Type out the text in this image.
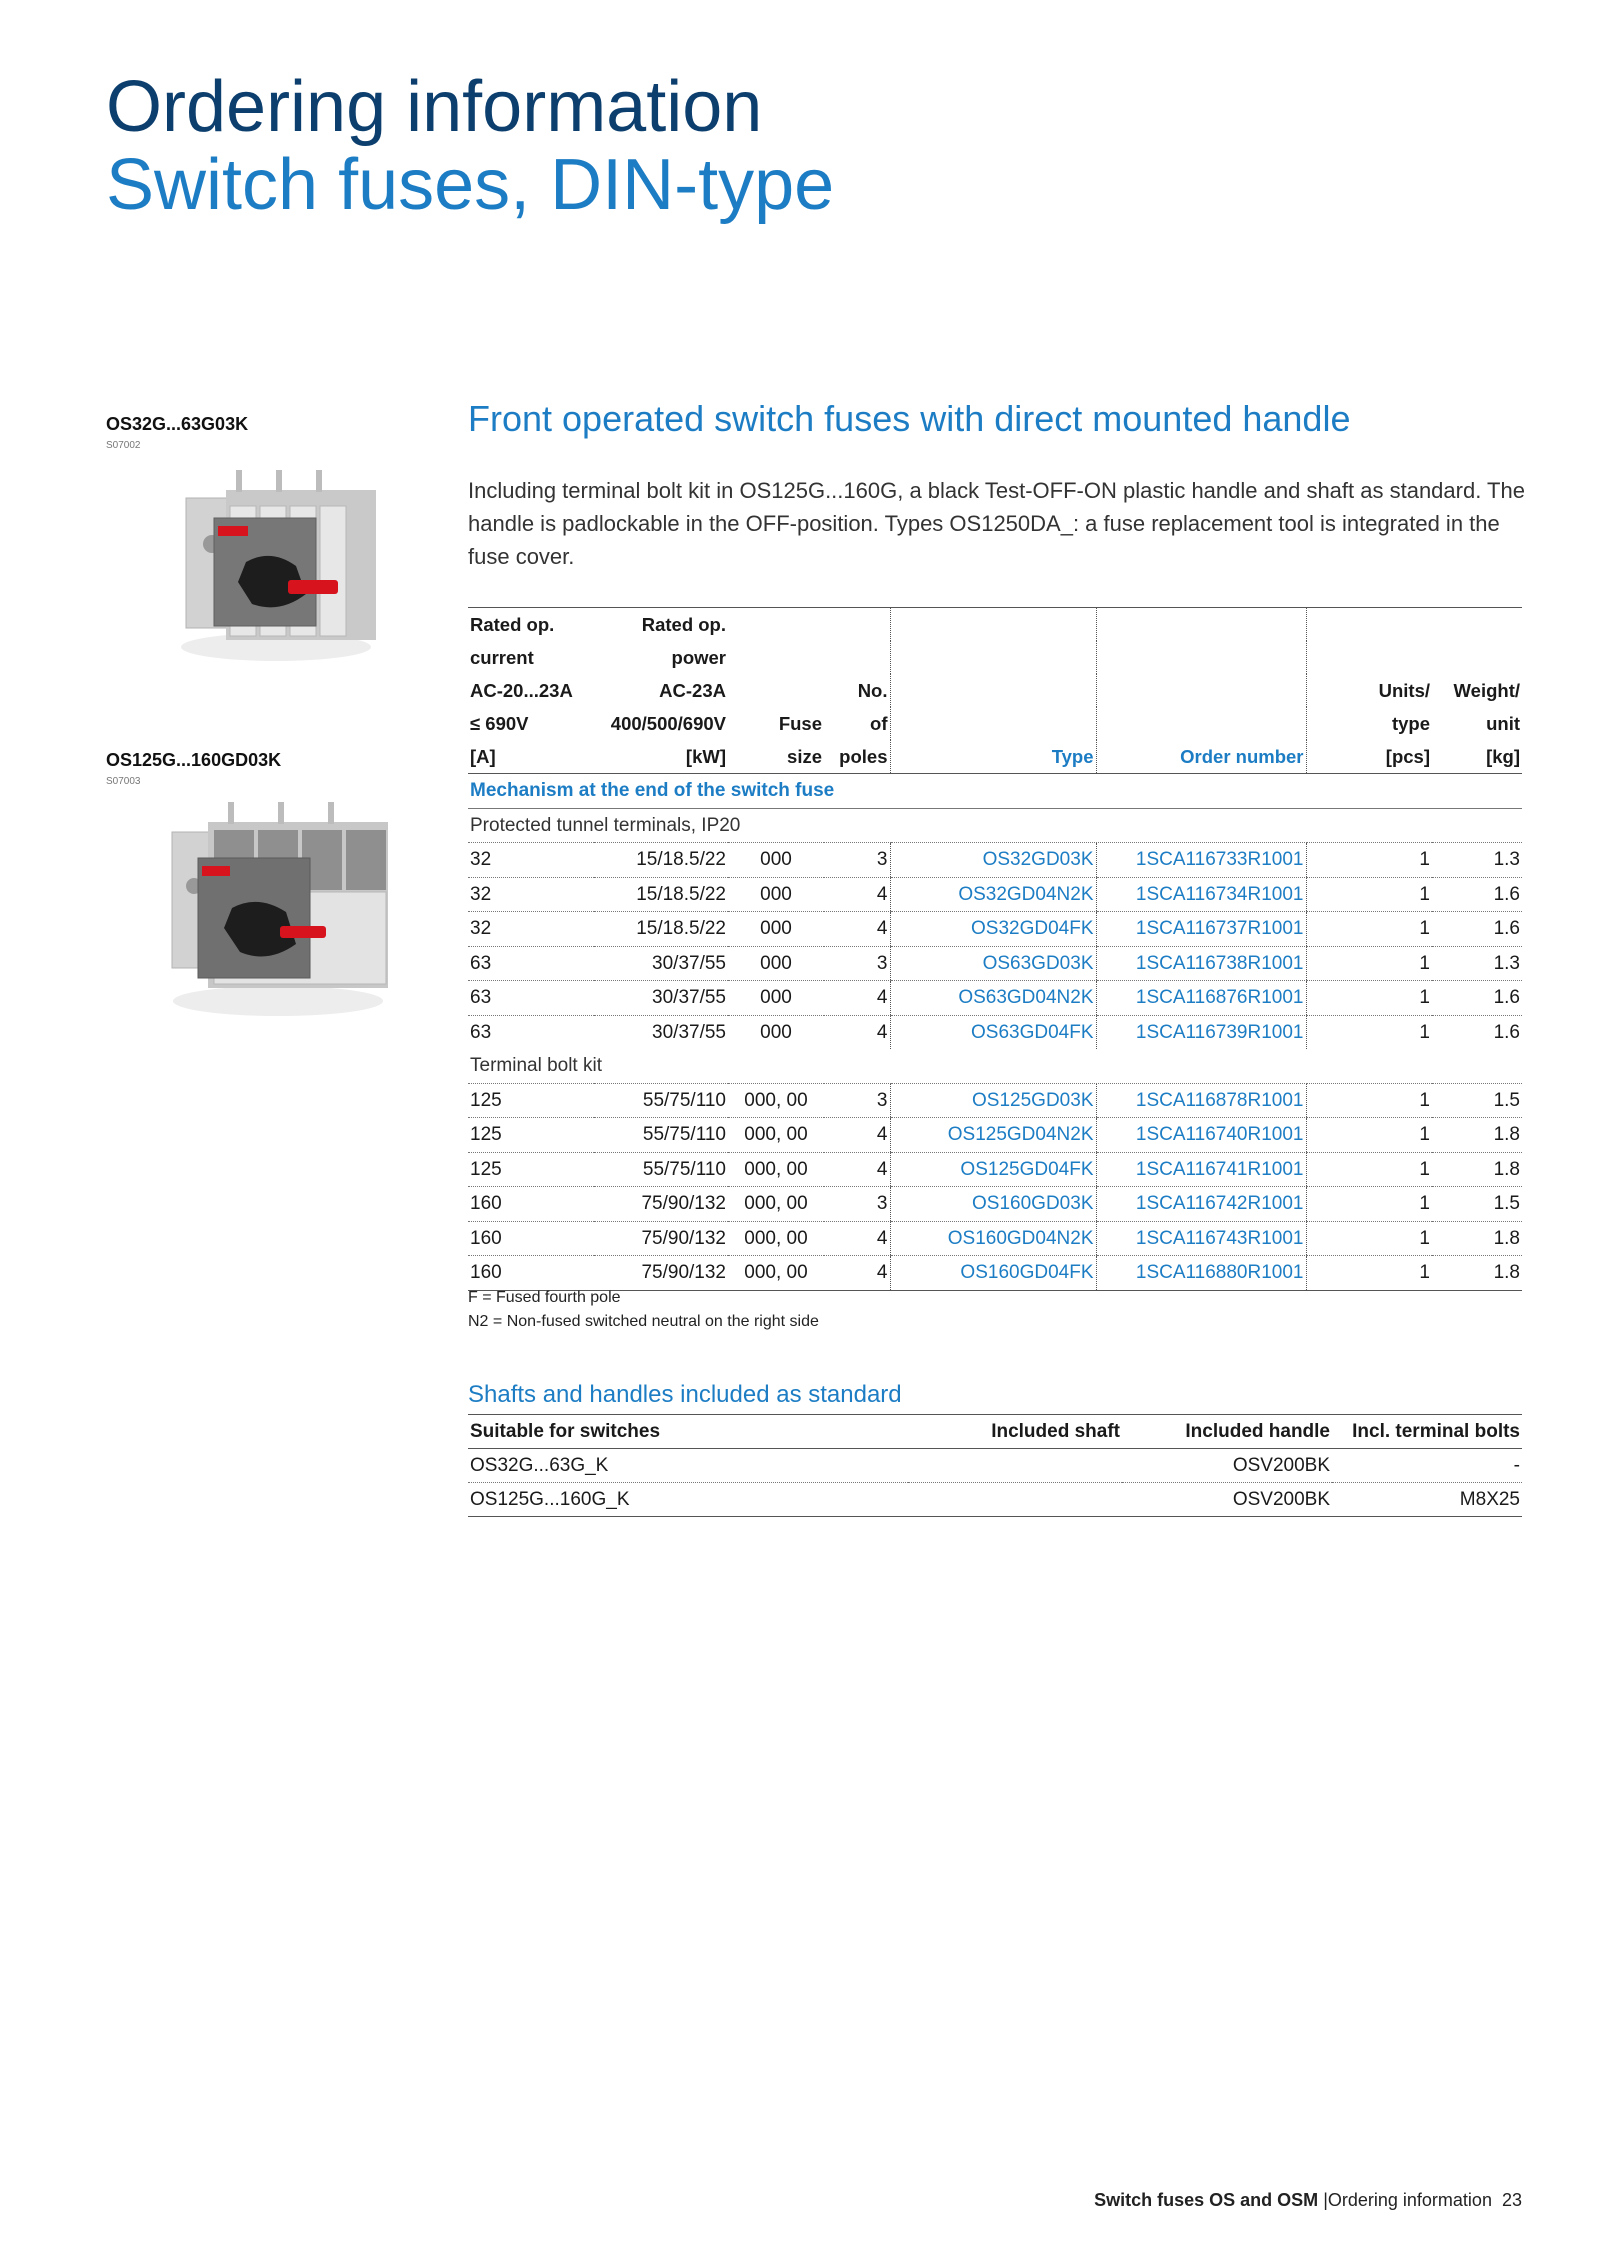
Ordering information
Switch fuses, DIN-type
OS32G...63G03K
S07002
OS125G...160GD03K
S07003
Front operated switch fuses with direct mounted handle

Including terminal bolt kit in OS125G...160G, a black Test-OFF-ON plastic handle and shaft as standard. The handle is padlockable in the OFF-position. Types OS1250DA_: a fuse replacement tool is integrated in the fuse cover.

Rated op.	Rated op.						
current	power						
AC-20...23A	AC-23A		No.			Units/	Weight/
≤ 690V	400/500/690V	Fuse	of			type	unit
[A]	[kW]	size	poles	Type	Order number	[pcs]	[kg]
Mechanism at the end of the switch fuse							
Protected tunnel terminals, IP20							
32	15/18.5/22	000	3	OS32GD03K	1SCA116733R1001	1	1.3
32	15/18.5/22	000	4	OS32GD04N2K	1SCA116734R1001	1	1.6
32	15/18.5/22	000	4	OS32GD04FK	1SCA116737R1001	1	1.6
63	30/37/55	000	3	OS63GD03K	1SCA116738R1001	1	1.3
63	30/37/55	000	4	OS63GD04N2K	1SCA116876R1001	1	1.6
63	30/37/55	000	4	OS63GD04FK	1SCA116739R1001	1	1.6
Terminal bolt kit							
125	55/75/110	000, 00	3	OS125GD03K	1SCA116878R1001	1	1.5
125	55/75/110	000, 00	4	OS125GD04N2K	1SCA116740R1001	1	1.8
125	55/75/110	000, 00	4	OS125GD04FK	1SCA116741R1001	1	1.8
160	75/90/132	000, 00	3	OS160GD03K	1SCA116742R1001	1	1.5
160	75/90/132	000, 00	4	OS160GD04N2K	1SCA116743R1001	1	1.8
160	75/90/132	000, 00	4	OS160GD04FK	1SCA116880R1001	1	1.8
F = Fused fourth pole
N2 = Non-fused switched neutral on the right side
Shafts and handles included as standard
Suitable for switches	Included shaft	Included handle	Incl. terminal bolts
OS32G...63G_K		OSV200BK	-
OS125G...160G_K		OSV200BK	M8X25
Switch fuses OS and OSM |Ordering information 23
